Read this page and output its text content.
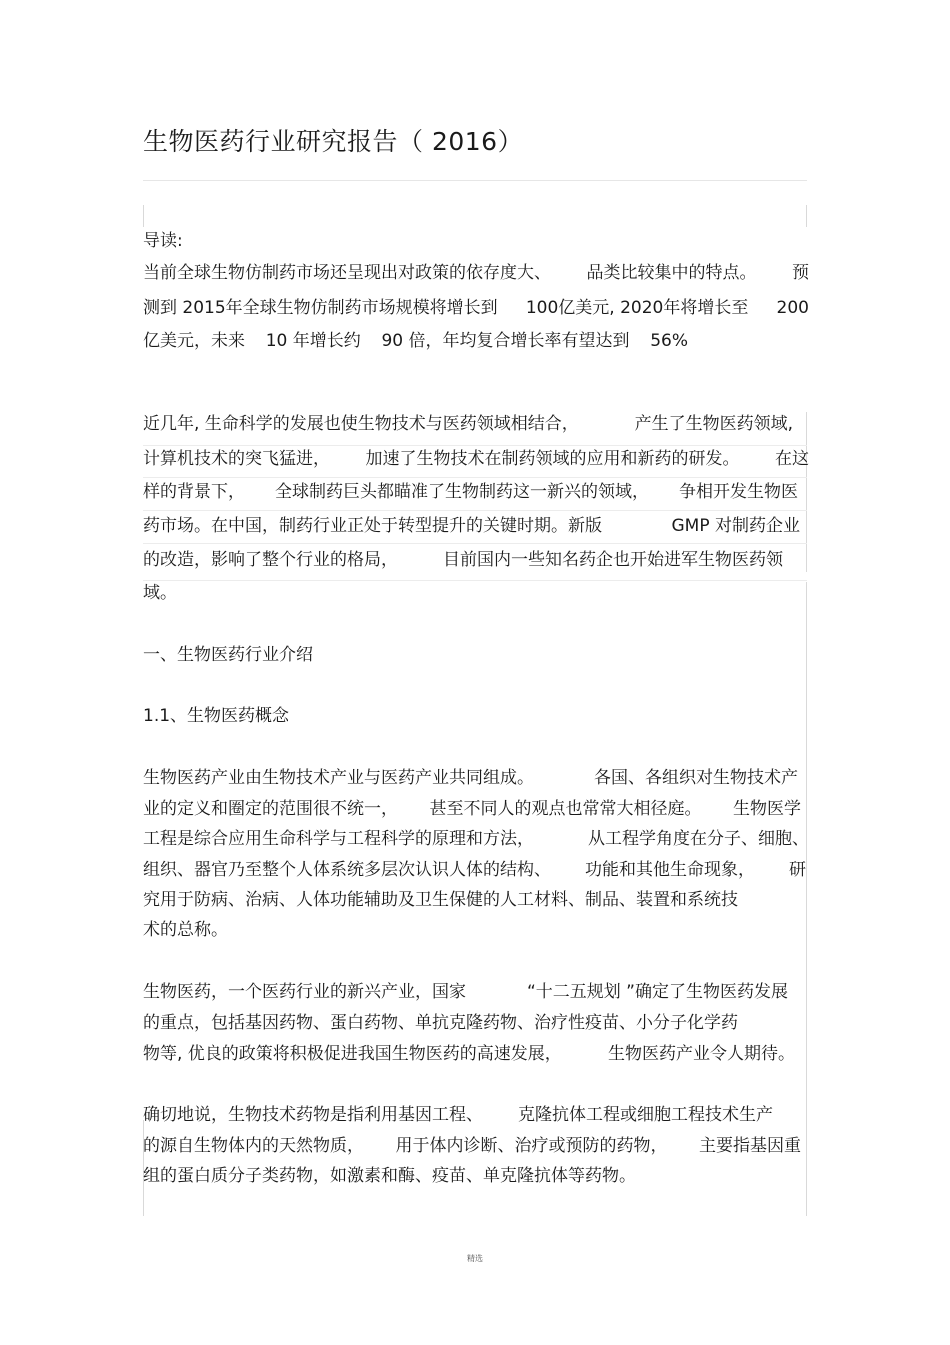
生物医药行业研究报告（ 2016）
导读:
当前全球生物仿制药市场还呈现出对政策的依存度大、 品类比较集中的特点。 预
测到 2015年全球生物仿制药市场规模将增长到 100亿美元, 2020年将增长至 200
亿美元，未来 10 年增长约 90 倍，年均复合增长率有望达到 56%
近几年, 生命科学的发展也使生物技术与医药领域相结合，	产生了生物医药领域,
计算机技术的突飞猛进， 加速了生物技术在制药领域的应用和新药的研发。 在这
样的背景下， 全球制药巨头都瞄准了生物制药这一新兴的领域， 争相开发生物医
药市场。在中国，制药行业正处于转型提升的关键时期。新版	GMP 对制药企业
的改造，影响了整个行业的格局，	目前国内一些知名药企也开始进军生物医药领
域。
一、生物医药行业介绍
1.1、生物医药概念
生物医药产业由生物技术产业与医药产业共同组成。	各国、各组织对生物技术产
业的定义和圈定的范围很不统一， 甚至不同人的观点也常常大相径庭。 生物医学
工程是综合应用生命科学与工程科学的原理和方法，	从工程学角度在分子、细胞、
组织、器官乃至整个人体系统多层次认识人体的结构、 功能和其他生命现象， 研
究用于防病、治病、人体功能辅助及卫生保健的人工材料、制品、装置和系统技
术的总称。
生物医药，一个医药行业的新兴产业，国家	“十二五规划 ”确定了生物医药发展
的重点，包括基因药物、蛋白药物、单抗克隆药物、治疗性疫苗、小分子化学药
物等, 优良的政策将积极促进我国生物医药的高速发展，	生物医药产业令人期待。
确切地说，生物技术药物是指利用基因工程、 克隆抗体工程或细胞工程技术生产
的源自生物体内的天然物质， 用于体内诊断、治疗或预防的药物， 主要指基因重
组的蛋白质分子类药物，如激素和酶、疫苗、单克隆抗体等药物。
精选
